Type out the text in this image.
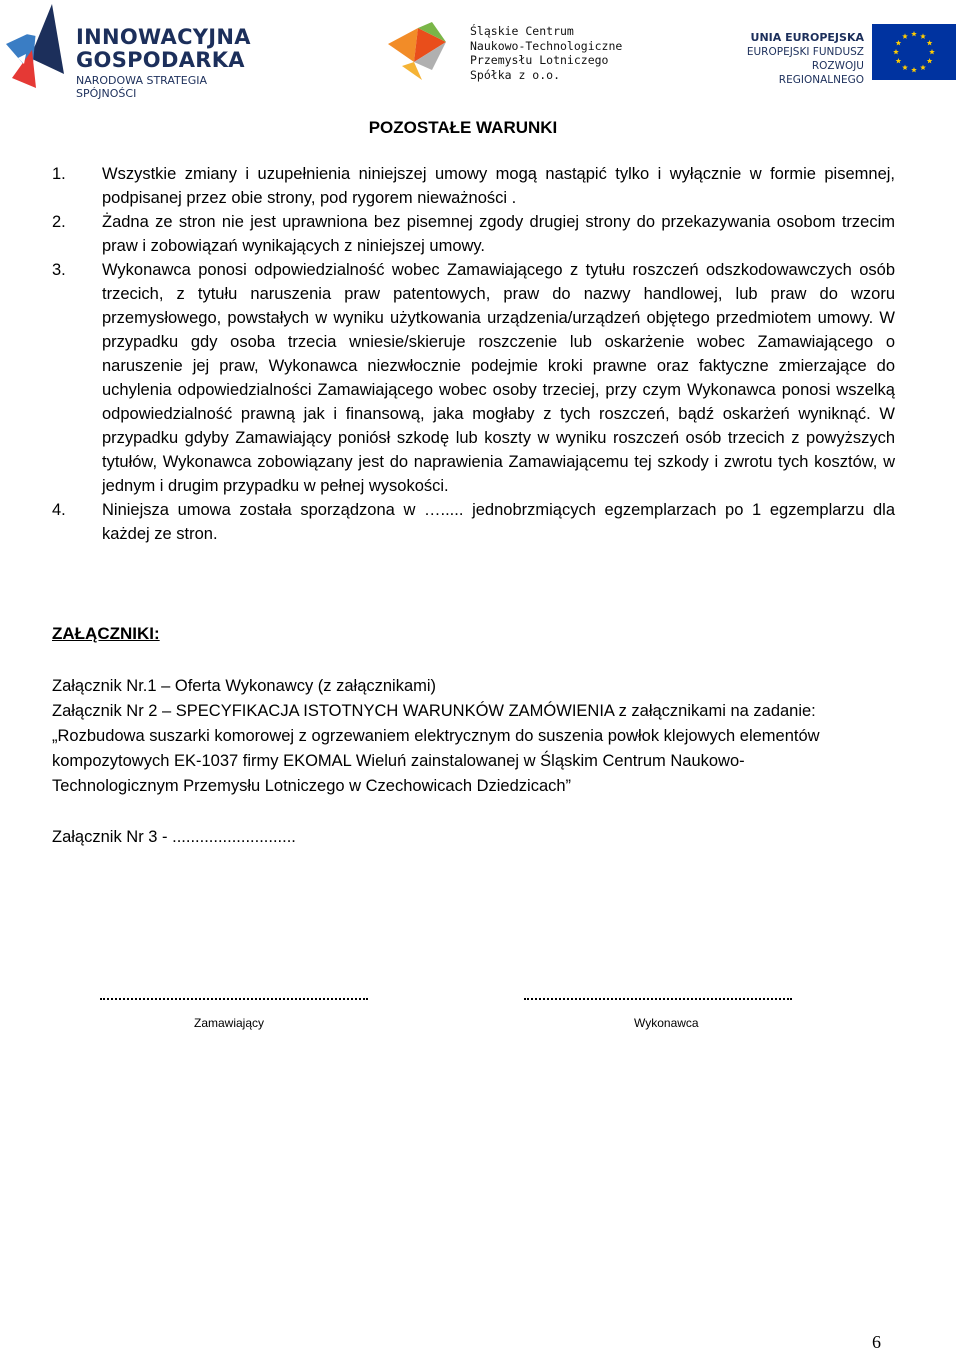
INNOWACYJNA
GOSPODARKA
NARODOWA STRATEGIA SPÓJNOŚCI
Śląskie Centrum
Naukowo-Technologiczne
Przemysłu Lotniczego
Spółka z o.o.
UNIA EUROPEJSKA
EUROPEJSKI FUNDUSZ
ROZWOJU REGIONALNEGO
POZOSTAŁE WARUNKI
1. Wszystkie zmiany i uzupełnienia niniejszej umowy mogą nastąpić tylko i wyłącznie w formie pisemnej, podpisanej przez obie strony, pod rygorem nieważności .
2. Żadna ze stron nie jest uprawniona bez pisemnej zgody drugiej strony do przekazywania osobom trzecim praw i zobowiązań wynikających z niniejszej umowy.
3. Wykonawca ponosi odpowiedzialność wobec Zamawiającego z tytułu roszczeń odszkodowawczych osób trzecich, z tytułu naruszenia praw patentowych, praw do nazwy handlowej, lub praw do wzoru przemysłowego, powstałych w wyniku użytkowania urządzenia/urządzeń objętego przedmiotem umowy. W przypadku gdy osoba trzecia wniesie/skieruje roszczenie lub oskarżenie wobec Zamawiającego o naruszenie jej praw, Wykonawca niezwłocznie podejmie kroki prawne oraz faktyczne zmierzające do uchylenia odpowiedzialności Zamawiającego wobec osoby trzeciej, przy czym Wykonawca ponosi wszelką odpowiedzialność prawną jak i finansową, jaka mogłaby z tych roszczeń, bądź oskarżeń wyniknąć. W przypadku gdyby Zamawiający poniósł szkodę lub koszty w wyniku roszczeń osób trzecich z powyższych tytułów, Wykonawca zobowiązany jest do naprawienia Zamawiającemu tej szkody i zwrotu tych kosztów, w jednym i drugim przypadku w pełnej wysokości.
4. Niniejsza umowa została sporządzona w …..... jednobrzmiących egzemplarzach po 1 egzemplarzu dla każdej ze stron.
ZAŁĄCZNIKI:
Załącznik Nr.1 – Oferta Wykonawcy (z załącznikami)
Załącznik Nr 2 – SPECYFIKACJA ISTOTNYCH WARUNKÓW ZAMÓWIENIA z załącznikami na zadanie:
„Rozbudowa suszarki komorowej z ogrzewaniem elektrycznym do suszenia powłok klejowych elementów
kompozytowych EK-1037 firmy EKOMAL Wieluń zainstalowanej w Śląskim Centrum Naukowo-
Technologicznym Przemysłu Lotniczego w Czechowicach Dziedzicach”
Załącznik Nr 3 - ...........................
Zamawiający	Wykonawca
6
